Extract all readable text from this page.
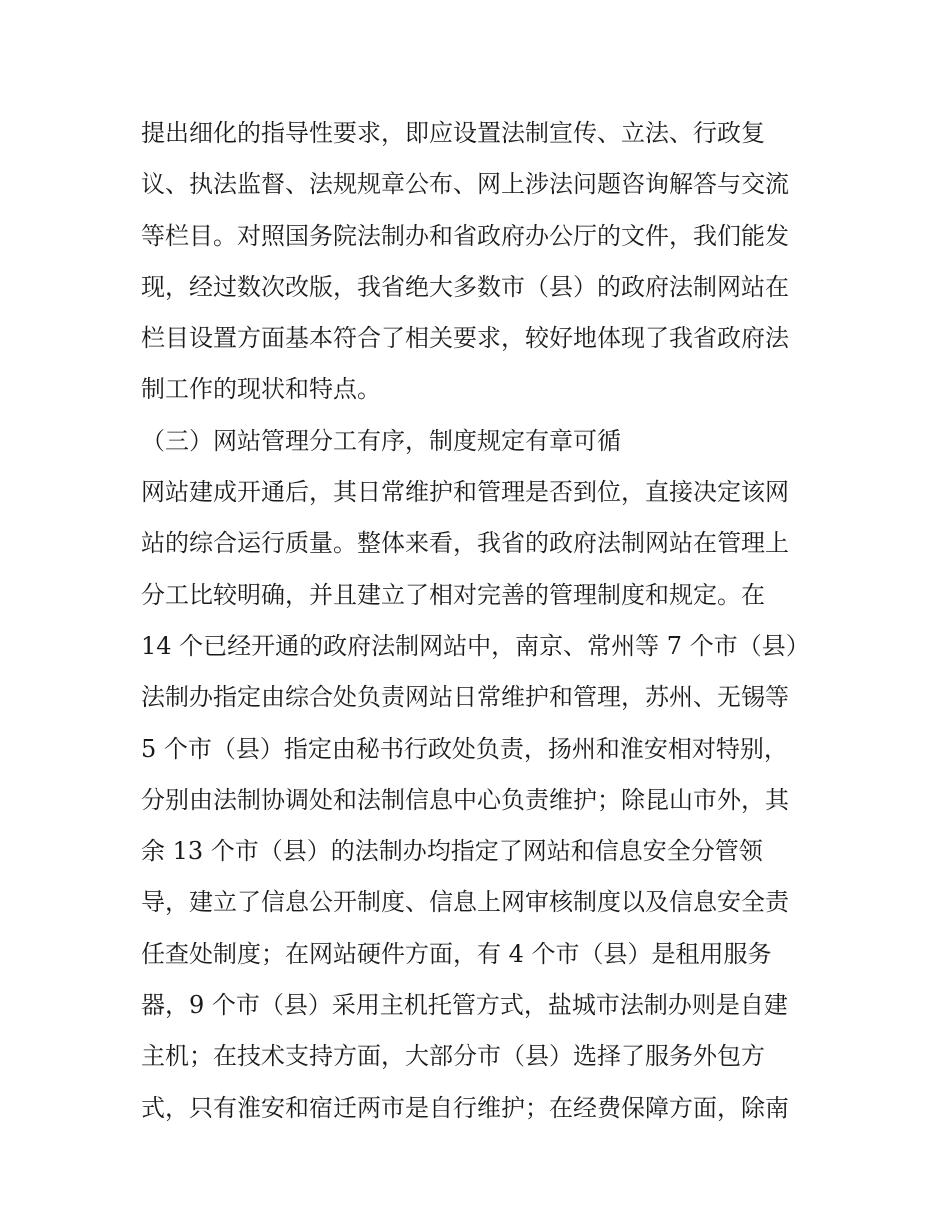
提出细化的指导性要求，即应设置法制宣传、立法、行政复
议、执法监督、法规规章公布、网上涉法问题咨询解答与交流
等栏目。对照国务院法制办和省政府办公厅的文件，我们能发
现，经过数次改版，我省绝大多数市（县）的政府法制网站在
栏目设置方面基本符合了相关要求，较好地体现了我省政府法
制工作的现状和特点。
（三）网站管理分工有序，制度规定有章可循
网站建成开通后，其日常维护和管理是否到位，直接决定该网
站的综合运行质量。整体来看，我省的政府法制网站在管理上
分工比较明确，并且建立了相对完善的管理制度和规定。在
14 个已经开通的政府法制网站中，南京、常州等 7 个市（县）
法制办指定由综合处负责网站日常维护和管理，苏州、无锡等
5 个市（县）指定由秘书行政处负责，扬州和淮安相对特别，
分别由法制协调处和法制信息中心负责维护；除昆山市外，其
余 13 个市（县）的法制办均指定了网站和信息安全分管领
导，建立了信息公开制度、信息上网审核制度以及信息安全责
任查处制度；在网站硬件方面，有 4 个市（县）是租用服务
器，9 个市（县）采用主机托管方式，盐城市法制办则是自建
主机；在技术支持方面，大部分市（县）选择了服务外包方
式，只有淮安和宿迁两市是自行维护；在经费保障方面，除南
